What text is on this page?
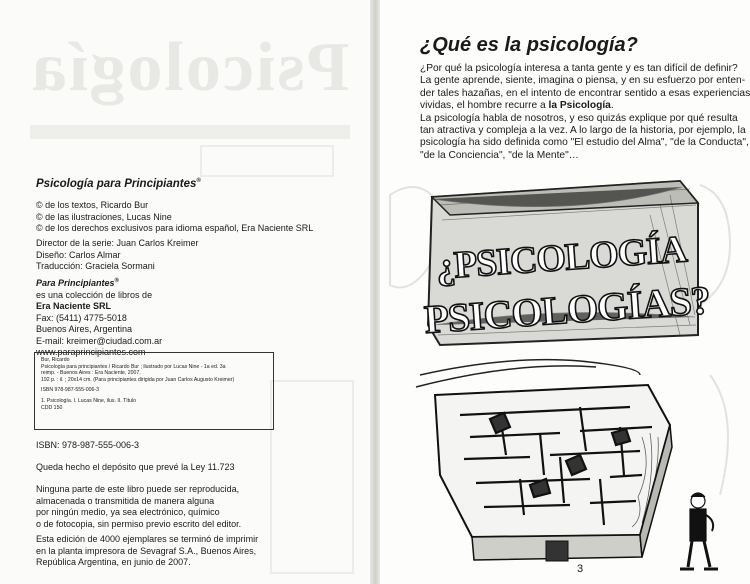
Psicología
Psicología para Principiantes®
© de los textos, Ricardo Bur
© de las ilustraciones, Lucas Nine
© de los derechos exclusivos para idioma español, Era Naciente SRL
Director de la serie: Juan Carlos Kreimer
Diseño: Carlos Almar
Traducción: Graciela Sormani
Para Principiantes®
es una colección de libros de
Era Naciente SRL
Fax: (5411) 4775-5018
Buenos Aires, Argentina
E-mail: kreimer@ciudad.com.ar
www.paraprincipiantes.com
Bur, Ricardo
Psicología para principiantes / Ricardo Bur ; ilustrado por Lucas Nine - 1a ed. 3a
reimp. - Buenos Aires : Era Naciente, 2007.
192 p. : il. ; 20x14 cm. (Para principiantes dirigida por Juan Carlos Augusto Kreimer)
ISBN 978-987-555-006-3
1. Psicología. I. Lucas Nine, ilus. II. Título
CDD 150
ISBN: 978-987-555-006-3
Queda hecho el depósito que prevé la Ley 11.723
Ninguna parte de este libro puede ser reproducida,
almacenada o transmitida de manera alguna
por ningún medio, ya sea electrónico, químico
o de fotocopia, sin permiso previo escrito del editor.
Esta edición de 4000 ejemplares se terminó de imprimir
en la planta impresora de Sevagraf S.A., Buenos Aires,
República Argentina, en junio de 2007.
¿Qué es la psicología?
¿Por qué la psicología interesa a tanta gente y es tan difícil de definir?
La gente aprende, siente, imagina o piensa, y en su esfuerzo por enten-
der tales hazañas, en el intento de encontrar sentido a esas experiencias
vividas, el hombre recurre a la Psicología.
La psicología habla de nosotros, y eso quizás explique por qué resulta
tan atractiva y compleja a la vez. A lo largo de la historia, por ejemplo, la
psicología ha sido definida como "El estudio del Alma", "de la Conducta",
"de la Conciencia", "de la Mente"…
¿PSICOLOGÍA
PSICOLOGÍAS?
3
